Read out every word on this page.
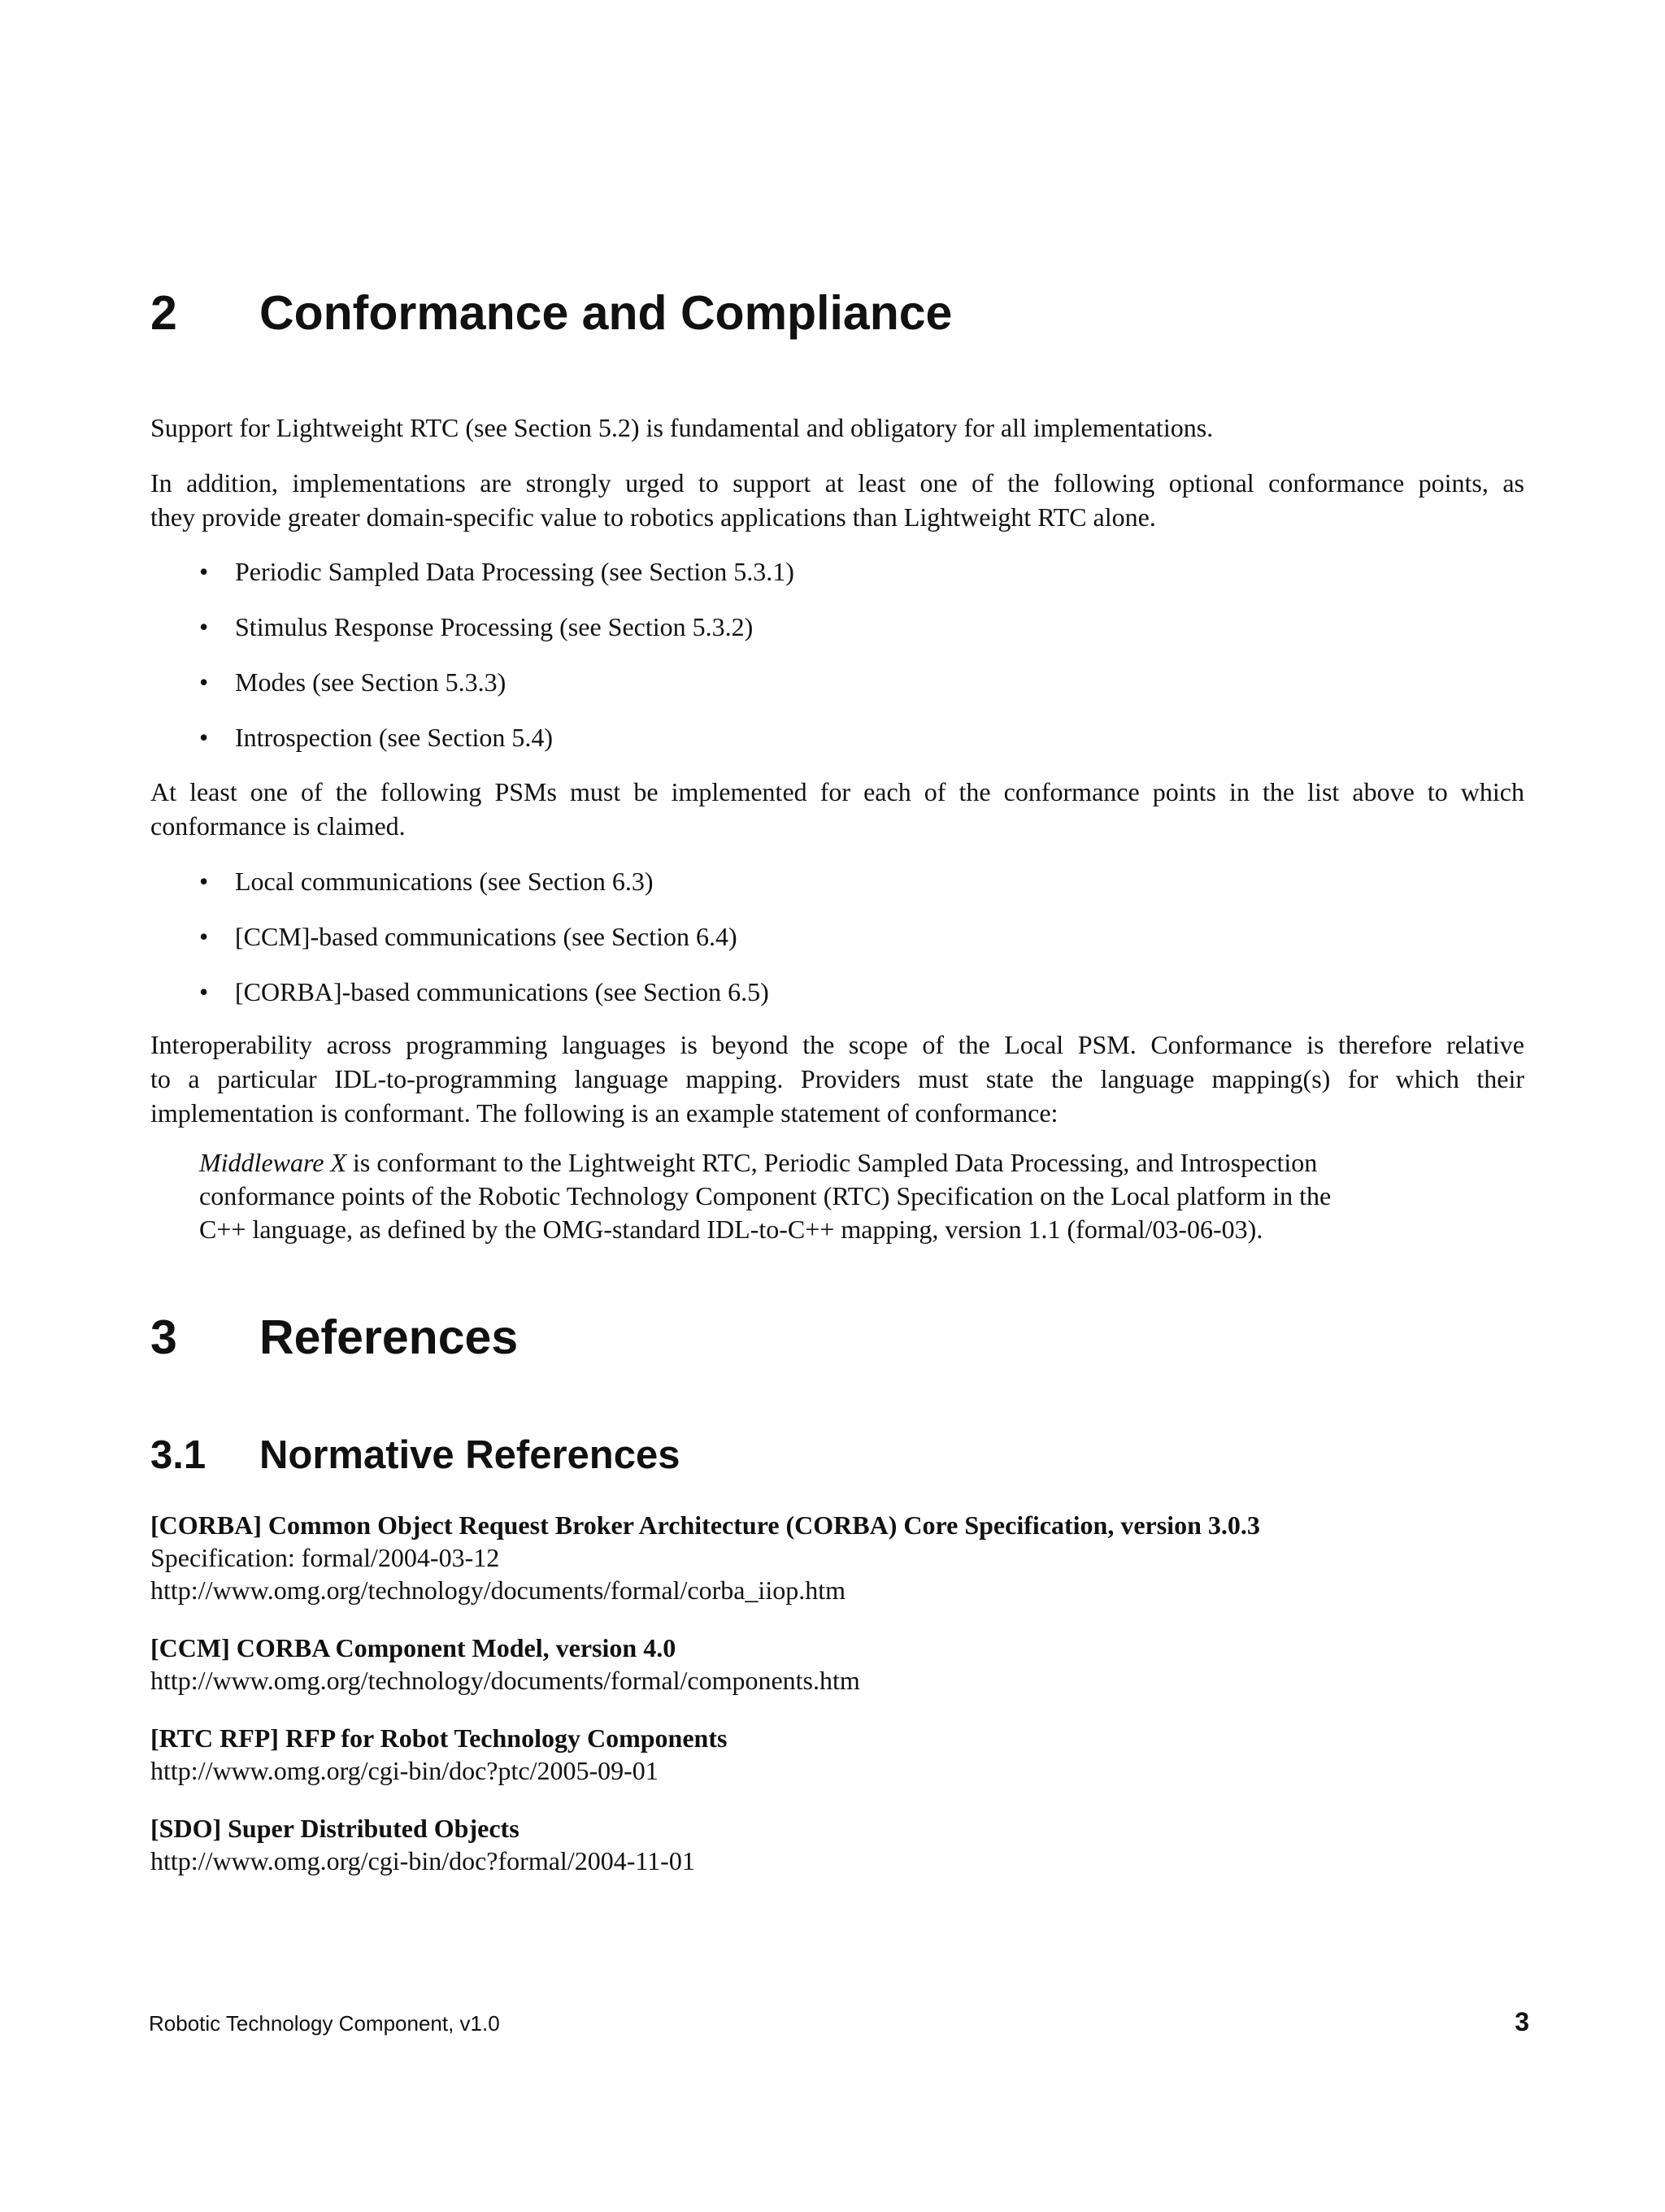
2 Conformance and Compliance

Support for Lightweight RTC (see Section 5.2) is fundamental and obligatory for all implementations.

In addition, implementations are strongly urged to support at least one of the following optional conformance points, as
they provide greater domain-specific value to robotics applications than Lightweight RTC alone.

• Periodic Sampled Data Processing (see Section 5.3.1)
• Stimulus Response Processing (see Section 5.3.2)
• Modes (see Section 5.3.3)
• Introspection (see Section 5.4)

At least one of the following PSMs must be implemented for each of the conformance points in the list above to which
conformance is claimed.

• Local communications (see Section 6.3)
• [CCM]-based communications (see Section 6.4)
• [CORBA]-based communications (see Section 6.5)

Interoperability across programming languages is beyond the scope of the Local PSM. Conformance is therefore relative
to a particular IDL-to-programming language mapping. Providers must state the language mapping(s) for which their
implementation is conformant. The following is an example statement of conformance:

Middleware X is conformant to the Lightweight RTC, Periodic Sampled Data Processing, and Introspection
conformance points of the Robotic Technology Component (RTC) Specification on the Local platform in the
C++ language, as defined by the OMG-standard IDL-to-C++ mapping, version 1.1 (formal/03-06-03).
3 References
3.1 Normative References
[CORBA] Common Object Request Broker Architecture (CORBA) Core Specification, version 3.0.3
Specification: formal/2004-03-12
http://www.omg.org/technology/documents/formal/corba_iiop.htm
[CCM] CORBA Component Model, version 4.0
http://www.omg.org/technology/documents/formal/components.htm
[RTC RFP] RFP for Robot Technology Components
http://www.omg.org/cgi-bin/doc?ptc/2005-09-01
[SDO] Super Distributed Objects
http://www.omg.org/cgi-bin/doc?formal/2004-11-01
Robotic Technology Component, v1.0	3
